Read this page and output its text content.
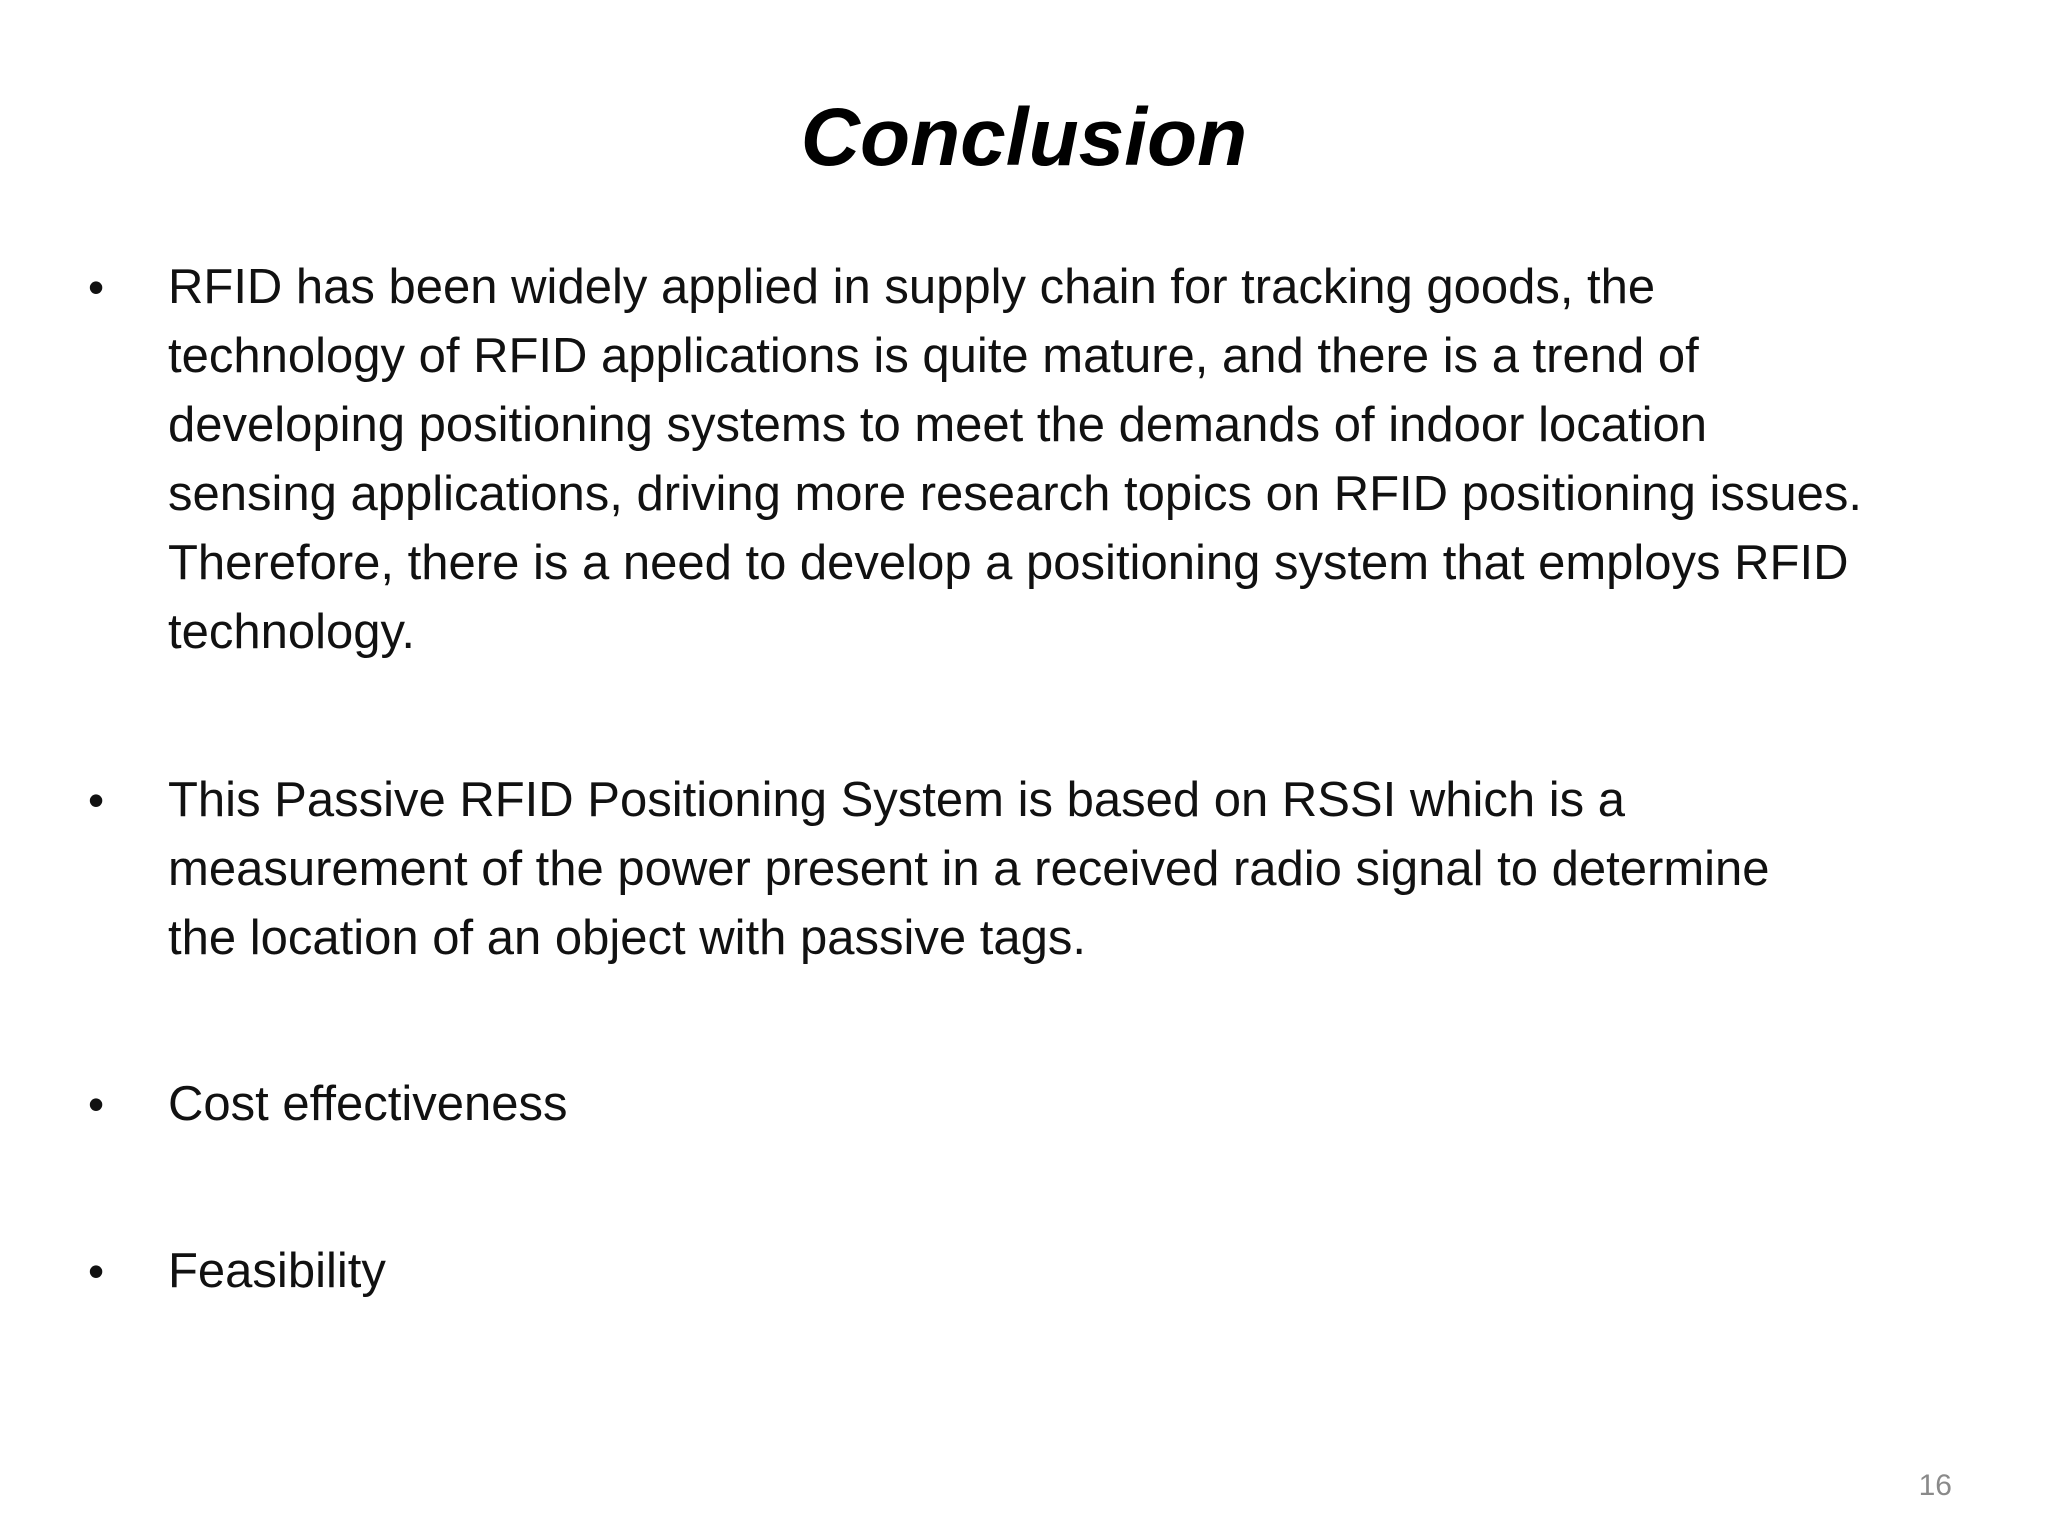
Conclusion
• RFID has been widely applied in supply chain for tracking goods, the
technology of RFID applications is quite mature, and there is a trend of
developing positioning systems to meet the demands of indoor location
sensing applications, driving more research topics on RFID positioning issues.
Therefore, there is a need to develop a positioning system that employs RFID
technology.
• This Passive RFID Positioning System is based on RSSI which is a
measurement of the power present in a received radio signal to determine
the location of an object with passive tags.
• Cost effectiveness
• Feasibility
16
